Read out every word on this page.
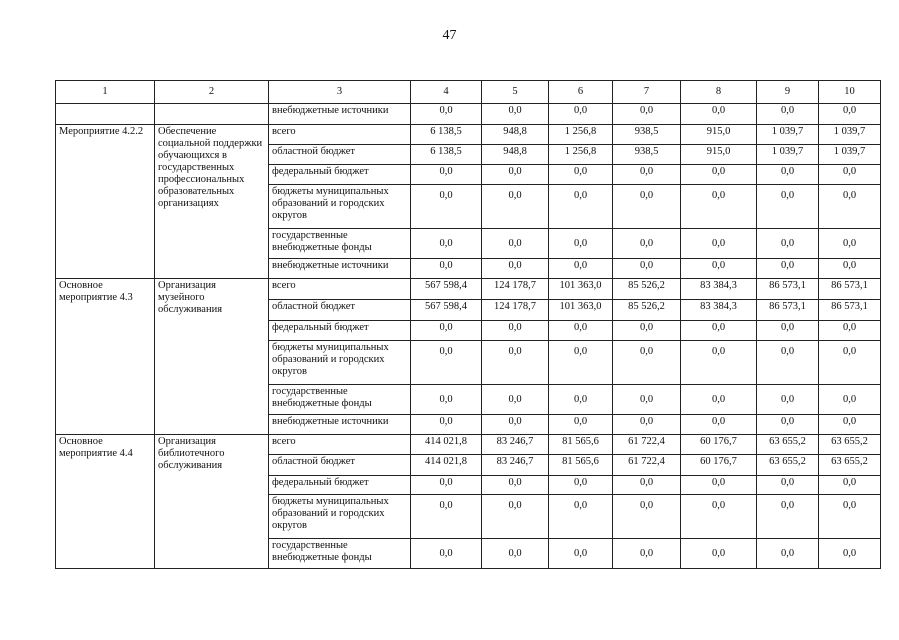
47
1	2	3	4	5	6	7	8	9	10
		внебюджетные источники	0,0	0,0	0,0	0,0	0,0	0,0	0,0
Мероприятие 4.2.2	Обеспечение социальной поддержки обучающихся в государственных профессиональных образовательных организациях	всего	6 138,5	948,8	1 256,8	938,5	915,0	1 039,7	1 039,7
		областной бюджет	6 138,5	948,8	1 256,8	938,5	915,0	1 039,7	1 039,7
		федеральный бюджет	0,0	0,0	0,0	0,0	0,0	0,0	0,0
		бюджеты муниципальных образований и городских округов	0,0	0,0	0,0	0,0	0,0	0,0	0,0
		государственные внебюджетные фонды	0,0	0,0	0,0	0,0	0,0	0,0	0,0
		внебюджетные источники	0,0	0,0	0,0	0,0	0,0	0,0	0,0
Основное мероприятие 4.3	Организация музейного обслуживания	всего	567 598,4	124 178,7	101 363,0	85 526,2	83 384,3	86 573,1	86 573,1
		областной бюджет	567 598,4	124 178,7	101 363,0	85 526,2	83 384,3	86 573,1	86 573,1
		федеральный бюджет	0,0	0,0	0,0	0,0	0,0	0,0	0,0
		бюджеты муниципальных образований и городских округов	0,0	0,0	0,0	0,0	0,0	0,0	0,0
		государственные внебюджетные фонды	0,0	0,0	0,0	0,0	0,0	0,0	0,0
		внебюджетные источники	0,0	0,0	0,0	0,0	0,0	0,0	0,0
Основное мероприятие 4.4	Организация библиотечного обслуживания	всего	414 021,8	83 246,7	81 565,6	61 722,4	60 176,7	63 655,2	63 655,2
		областной бюджет	414 021,8	83 246,7	81 565,6	61 722,4	60 176,7	63 655,2	63 655,2
		федеральный бюджет	0,0	0,0	0,0	0,0	0,0	0,0	0,0
		бюджеты муниципальных образований и городских округов	0,0	0,0	0,0	0,0	0,0	0,0	0,0
		государственные внебюджетные фонды	0,0	0,0	0,0	0,0	0,0	0,0	0,0
